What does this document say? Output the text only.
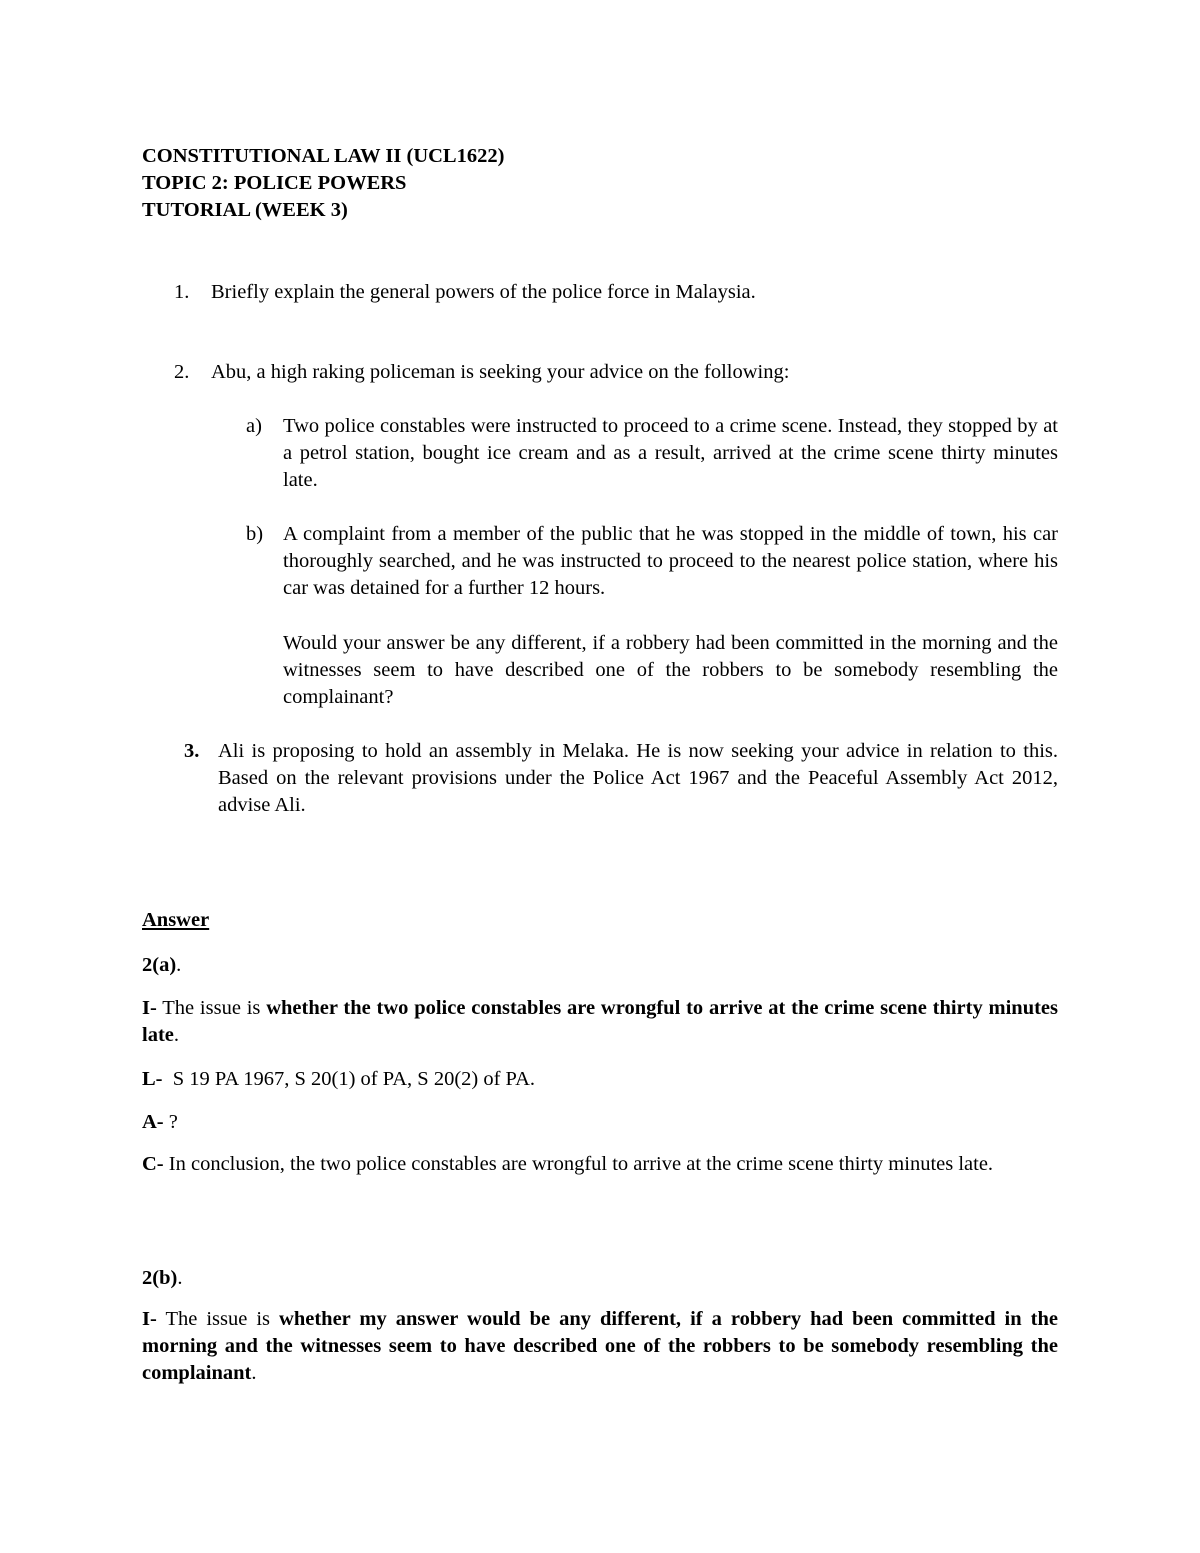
CONSTITUTIONAL LAW II (UCL1622)

TOPIC 2: POLICE POWERS

TUTORIAL (WEEK 3)

1.	Briefly explain the general powers of the police force in Malaysia.
2.	Abu, a high raking policeman is seeking your advice on the following:
a)	Two police constables were instructed to proceed to a crime scene. Instead, they stopped by at a petrol station, bought ice cream and as a result, arrived at the crime scene thirty minutes late.

b) A complaint from a member of the public that he was stopped in the middle of town, his car thoroughly searched, and he was instructed to proceed to the nearest police station, where his car was detained for a further 12 hours.

Would your answer be any different, if a robbery had been committed in the morning and the witnesses seem to have described one of the robbers to be somebody resembling the complainant?

3. Ali is proposing to hold an assembly in Melaka. He is now seeking your advice in relation to this. Based on the relevant provisions under the Police Act 1967 and the Peaceful Assembly Act 2012, advise Ali.

Answer

2(a).

I- The issue is whether the two police constables are wrongful to arrive at the crime scene thirty minutes late.

L-  S 19 PA 1967, S 20(1) of PA, S 20(2) of PA.

A- ?

C- In conclusion, the two police constables are wrongful to arrive at the crime scene thirty minutes late.

2(b).

I- The issue is whether my answer would be any different, if a robbery had been committed in the morning and the witnesses seem to have described one of the robbers to be somebody resembling the complainant.
